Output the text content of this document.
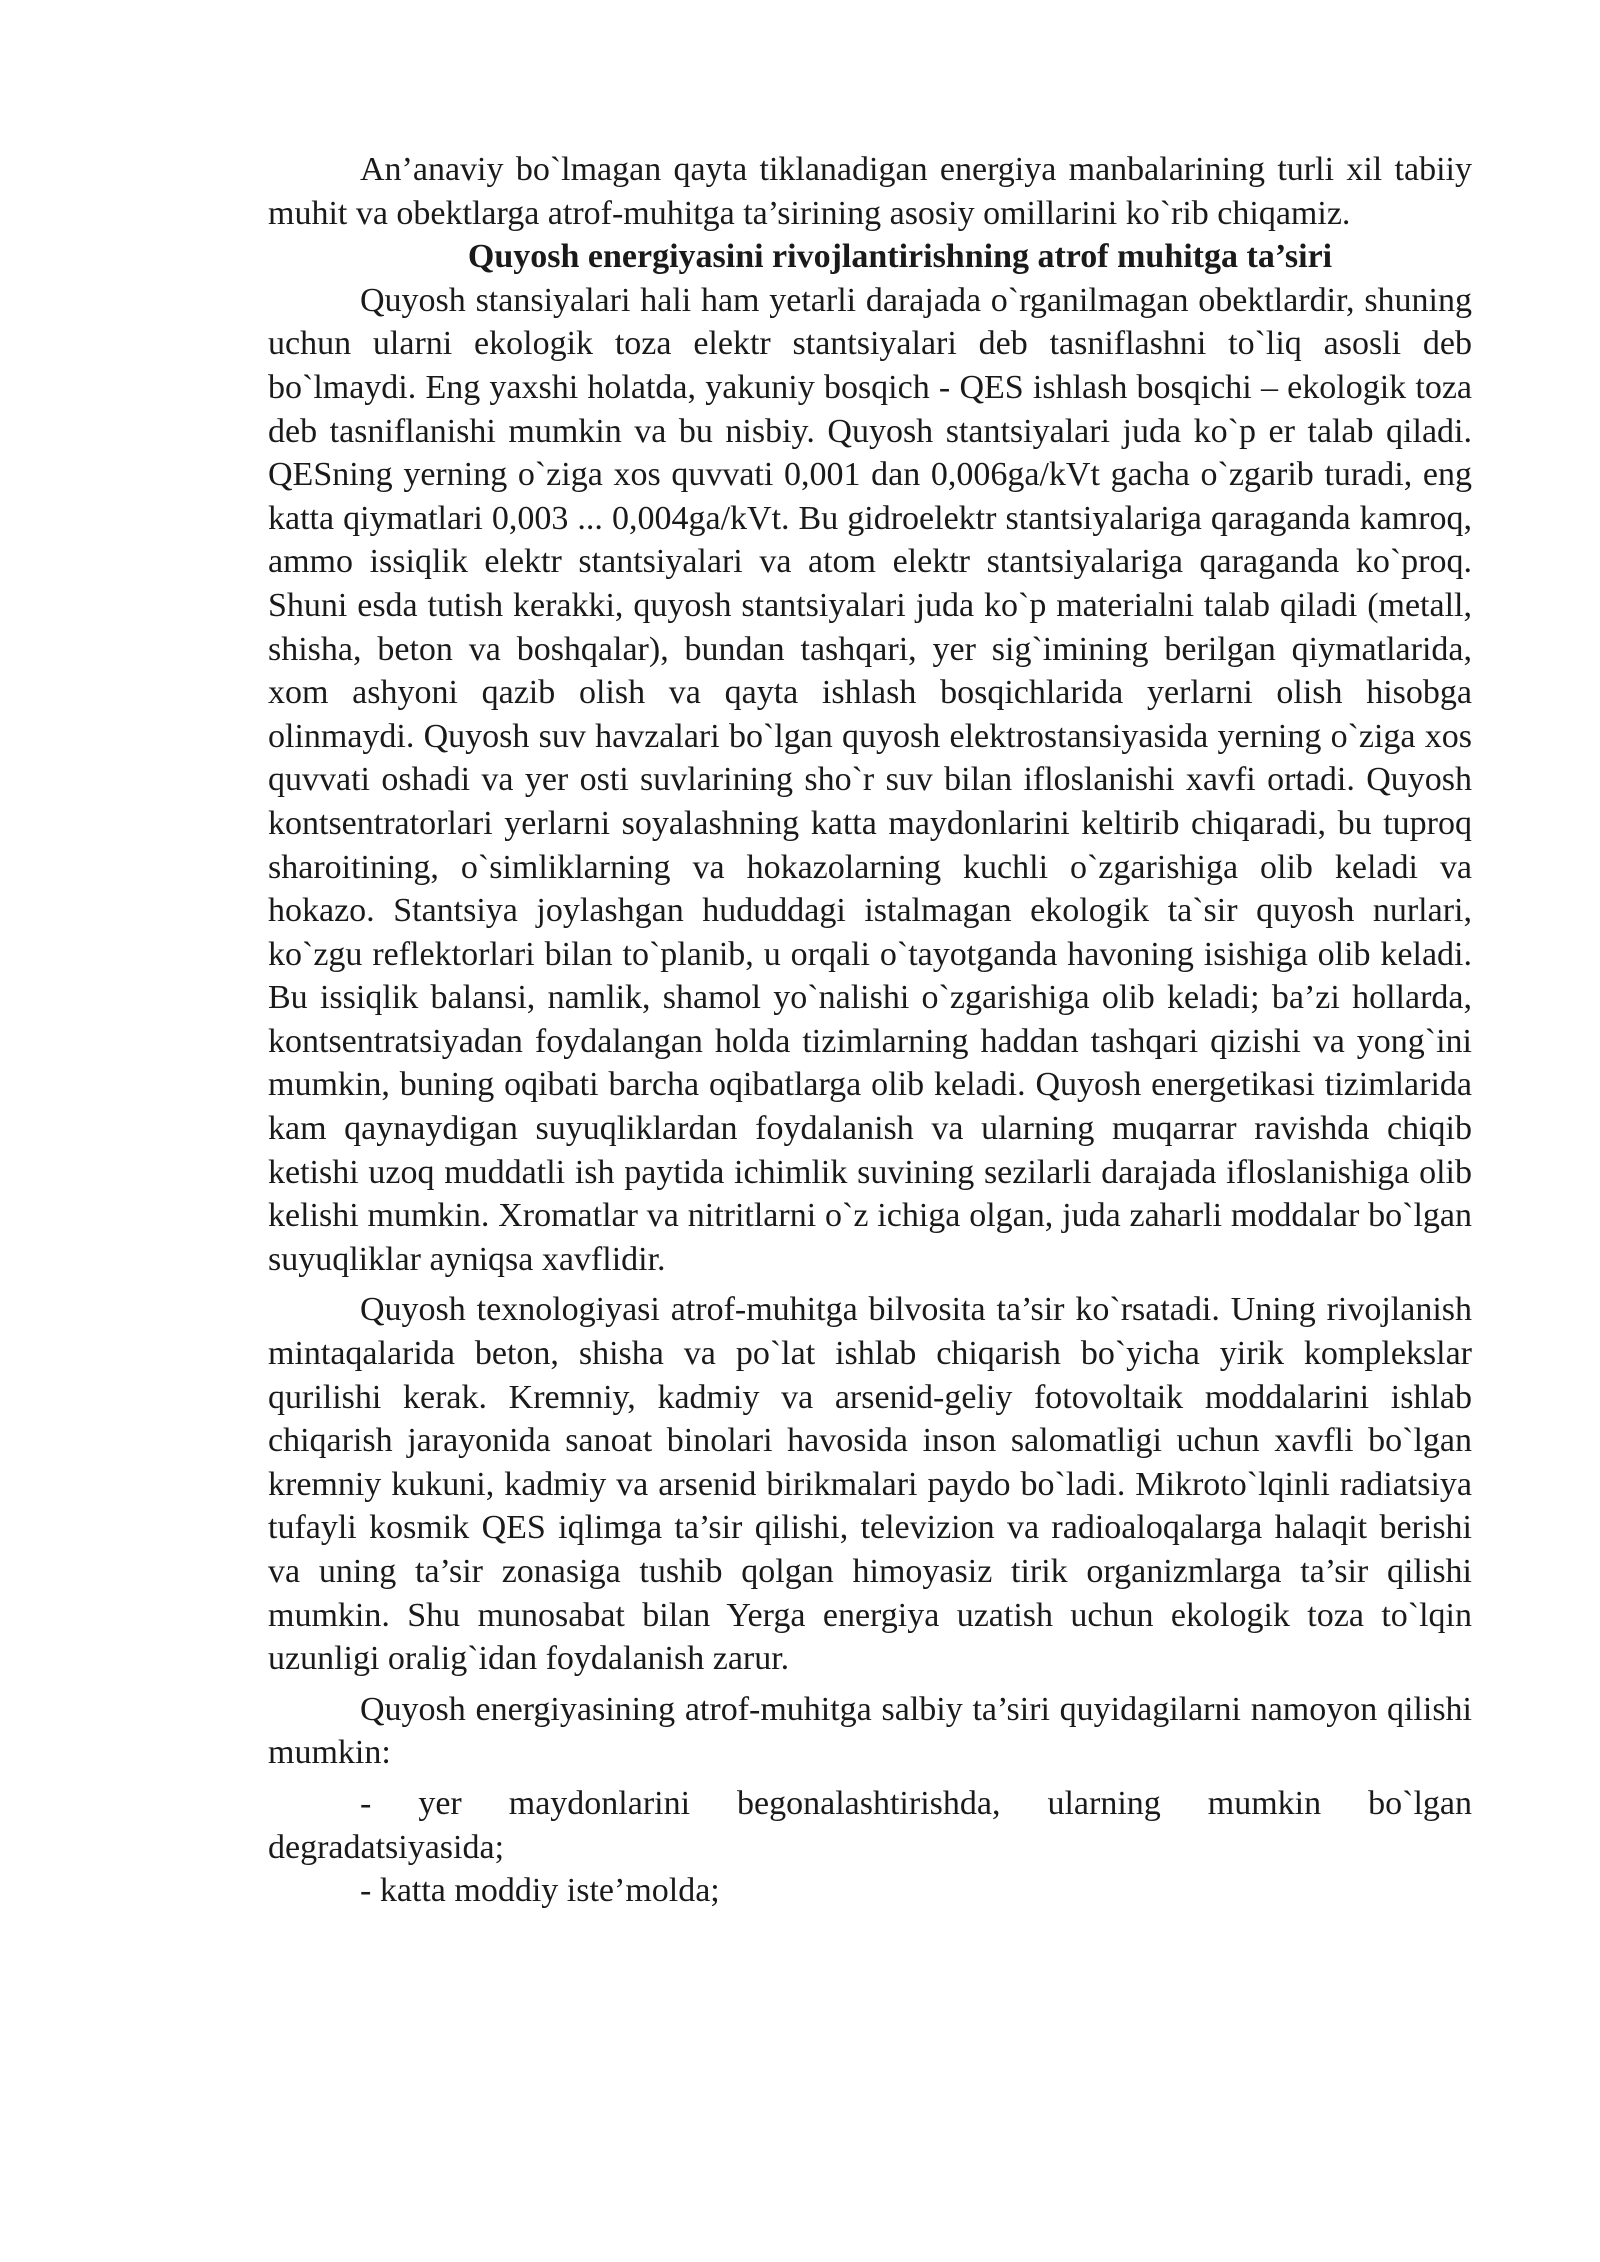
An’anaviy bo`lmagan qayta tiklanadigan energiya manbalarining turli xil tabiiy muhit va obektlarga atrof-muhitga ta’sirining asosiy omillarini ko`rib chiqamiz.

Quyosh energiyasini rivojlantirishning atrof muhitga ta’siri

Quyosh stansiyalari hali ham yetarli darajada o`rganilmagan obektlardir, shuning uchun ularni ekologik toza elektr stantsiyalari deb tasniflashni to`liq asosli deb bo`lmaydi. Eng yaxshi holatda, yakuniy bosqich - QES ishlash bosqichi – ekologik toza deb tasniflanishi mumkin va bu nisbiy. Quyosh stantsiyalari juda ko`p er talab qiladi. QESning yerning o`ziga xos quvvati 0,001 dan 0,006ga/kVt gacha o`zgarib turadi, eng katta qiymatlari 0,003 ... 0,004ga/kVt. Bu gidroelektr stantsiyalariga qaraganda kamroq, ammo issiqlik elektr stantsiyalari va atom elektr stantsiyalariga qaraganda ko`proq. Shuni esda tutish kerakki, quyosh stantsiyalari juda ko`p materialni talab qiladi (metall, shisha, beton va boshqalar), bundan tashqari, yer sig`imining berilgan qiymatlarida, xom ashyoni qazib olish va qayta ishlash bosqichlarida yerlarni olish hisobga olinmaydi. Quyosh suv havzalari bo`lgan quyosh elektrostansiyasida yerning o`ziga xos quvvati oshadi va yer osti suvlarining sho`r suv bilan ifloslanishi xavfi ortadi. Quyosh kontsentratorlari yerlarni soyalashning katta maydonlarini keltirib chiqaradi, bu tuproq sharoitining, o`simliklarning va hokazolarning kuchli o`zgarishiga olib keladi va hokazo. Stantsiya joylashgan hududdagi istalmagan ekologik ta`sir quyosh nurlari, ko`zgu reflektorlari bilan to`planib, u orqali o`tayotganda havoning isishiga olib keladi. Bu issiqlik balansi, namlik, shamol yo`nalishi o`zgarishiga olib keladi; ba’zi hollarda, kontsentratsiyadan foydalangan holda tizimlarning haddan tashqari qizishi va yong`ini mumkin, buning oqibati barcha oqibatlarga olib keladi. Quyosh energetikasi tizimlarida kam qaynaydigan suyuqliklardan foydalanish va ularning muqarrar ravishda chiqib ketishi uzoq muddatli ish paytida ichimlik suvining sezilarli darajada ifloslanishiga olib kelishi mumkin. Xromatlar va nitritlarni o`z ichiga olgan, juda zaharli moddalar bo`lgan suyuqliklar ayniqsa xavflidir.

Quyosh texnologiyasi atrof-muhitga bilvosita ta’sir ko`rsatadi. Uning rivojlanish mintaqalarida beton, shisha va po`lat ishlab chiqarish bo`yicha yirik komplekslar qurilishi kerak. Kremniy, kadmiy va arsenid-geliy fotovoltaik moddalarini ishlab chiqarish jarayonida sanoat binolari havosida inson salomatligi uchun xavfli bo`lgan kremniy kukuni, kadmiy va arsenid birikmalari paydo bo`ladi. Mikroto`lqinli radiatsiya tufayli kosmik QES iqlimga ta’sir qilishi, televizion va radioaloqalarga halaqit berishi va uning ta’sir zonasiga tushib qolgan himoyasiz tirik organizmlarga ta’sir qilishi mumkin. Shu munosabat bilan Yerga energiya uzatish uchun ekologik toza to`lqin uzunligi oralig`idan foydalanish zarur.

Quyosh energiyasining atrof-muhitga salbiy ta’siri quyidagilarni namoyon qilishi mumkin:

- yer maydonlarini begonalashtirishda, ularning mumkin bo`lgan degradatsiyasida;

- katta moddiy iste’molda;
